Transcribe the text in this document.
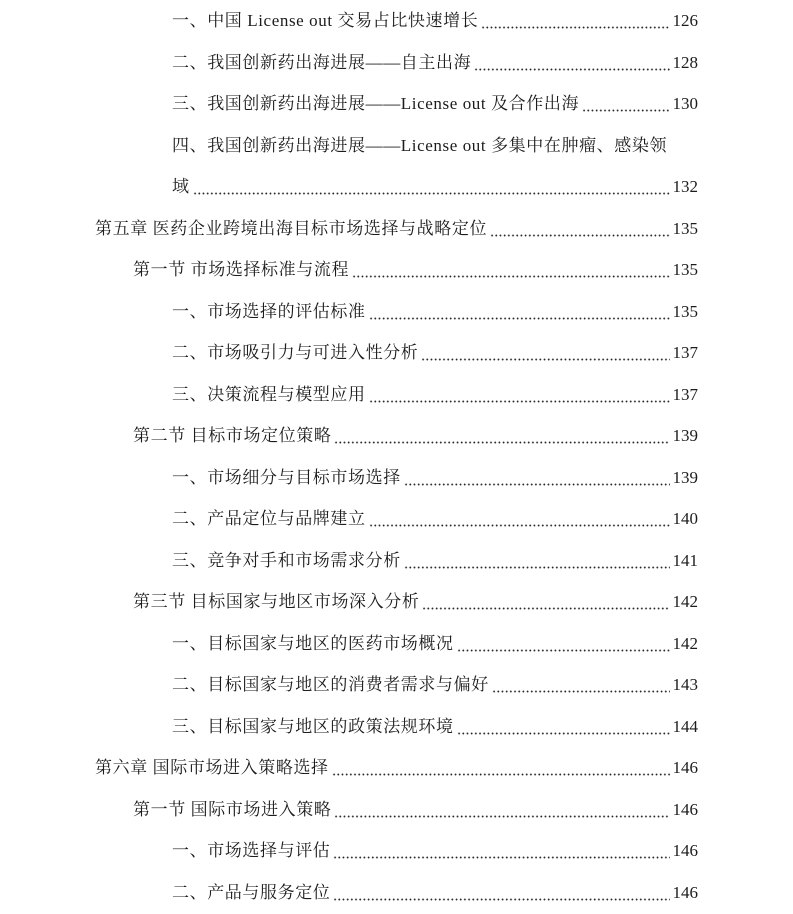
一、中国 License out 交易占比快速增长	126
二、我国创新药出海进展——自主出海	128
三、我国创新药出海进展——License out 及合作出海	130
四、我国创新药出海进展——License out 多集中在肿瘤、感染领
域	132
第五章 医药企业跨境出海目标市场选择与战略定位	135
第一节 市场选择标准与流程	135
一、市场选择的评估标准	135
二、市场吸引力与可进入性分析	137
三、决策流程与模型应用	137
第二节 目标市场定位策略	139
一、市场细分与目标市场选择	139
二、产品定位与品牌建立	140
三、竞争对手和市场需求分析	141
第三节 目标国家与地区市场深入分析	142
一、目标国家与地区的医药市场概况	142
二、目标国家与地区的消费者需求与偏好	143
三、目标国家与地区的政策法规环境	144
第六章 国际市场进入策略选择	146
第一节 国际市场进入策略	146
一、市场选择与评估	146
二、产品与服务定位	146
